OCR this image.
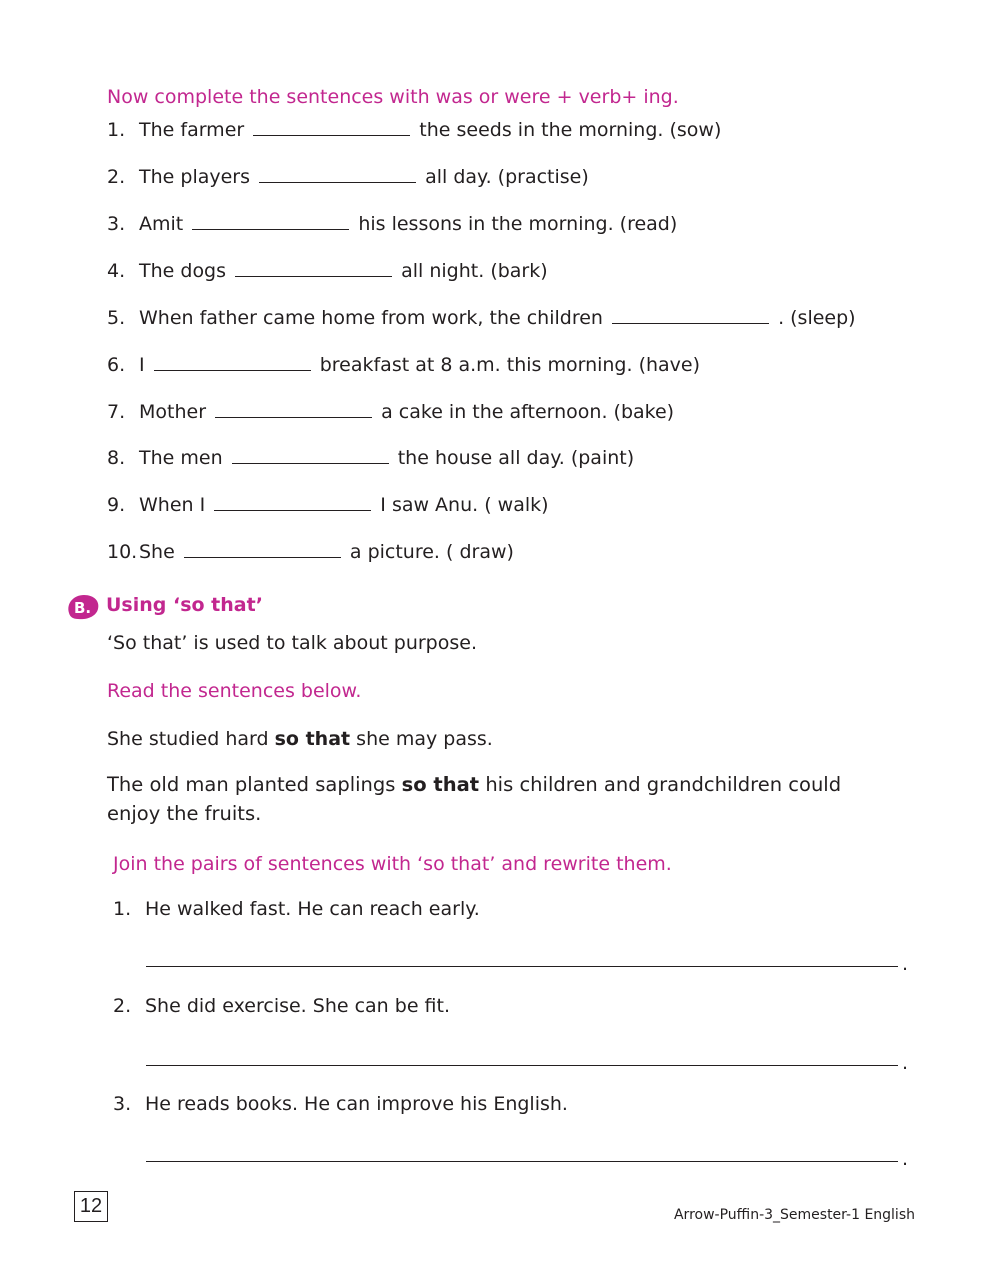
Now complete the sentences with was or were + verb+ ing.
1. The farmer	the seeds in the morning. (sow)
2. The players	all day. (practise)
3. Amit	his lessons in the morning. (read)
4. The dogs	all night. (bark)
5. When father came home from work, the children	. (sleep)
6. I	breakfast at 8 a.m. this morning. (have)
7. Mother	a cake in the afternoon. (bake)
8. The men	the house all day. (paint)
9. When I	I saw Anu. ( walk)
10.She	a picture. ( draw)
B. Using ‘so that’
‘So that’ is used to talk about purpose.
Read the sentences below.
She studied hard so that she may pass.
The old man planted saplings so that his children and grandchildren could
enjoy the fruits.
Join the pairs of sentences with ‘so that’ and rewrite them.
1. He walked fast. He can reach early.
.
2. She did exercise. She can be fit.
.
3. He reads books. He can improve his English.
.
12	Arrow-Puffin-3_Semester-1 English
